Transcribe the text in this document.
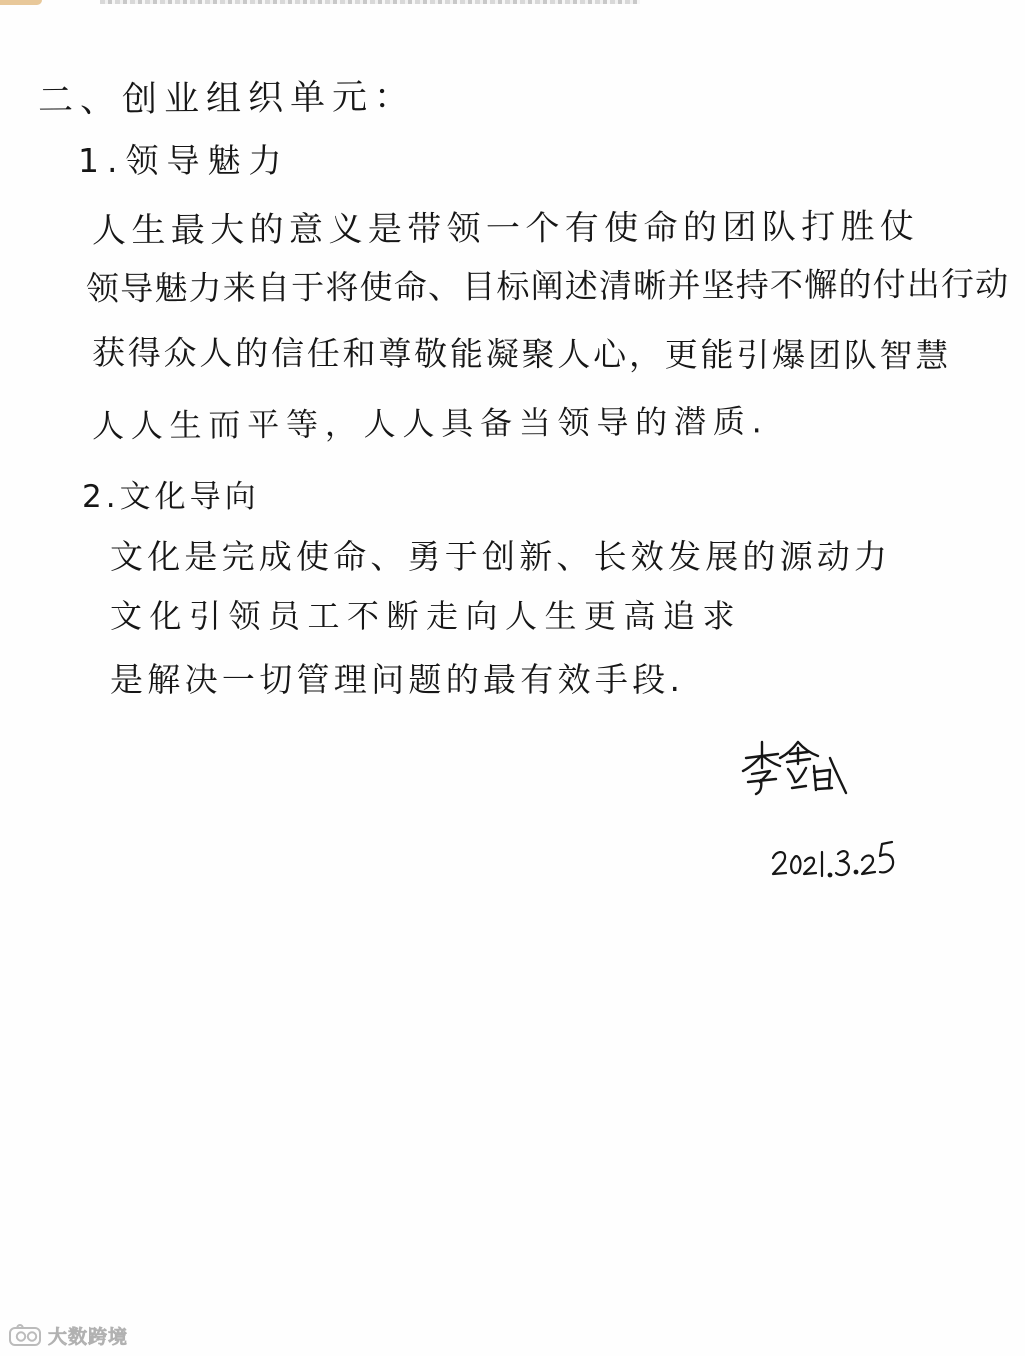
二、创业组织单元：
1.领导魅力
人生最大的意义是带领一个有使命的团队打胜仗
领导魅力来自于将使命、目标阐述清晰并坚持不懈的付出行动
获得众人的信任和尊敬能凝聚人心，更能引爆团队智慧
人人生而平等，人人具备当领导的潜质.
2.文化导向
文化是完成使命、勇于创新、长效发展的源动力
文化引领员工不断走向人生更高追求
是解决一切管理问题的最有效手段.
大数跨境
